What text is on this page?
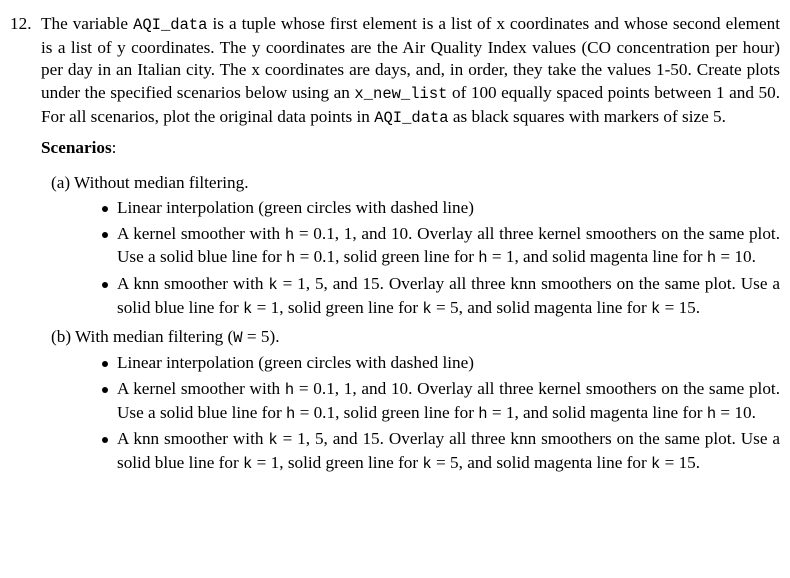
12. The variable AQI_data is a tuple whose first element is a list of x coordinates and whose second element is a list of y coordinates. The y coordinates are the Air Quality Index values (CO concentration per hour) per day in an Italian city. The x coordinates are days, and, in order, they take the values 1-50. Create plots under the specified scenarios below using an x_new_list of 100 equally spaced points between 1 and 50. For all scenarios, plot the original data points in AQI_data as black squares with markers of size 5.
Scenarios:
(a) Without median filtering.
Linear interpolation (green circles with dashed line)
A kernel smoother with h = 0.1, 1, and 10. Overlay all three kernel smoothers on the same plot. Use a solid blue line for h = 0.1, solid green line for h = 1, and solid magenta line for h = 10.
A knn smoother with k = 1, 5, and 15. Overlay all three knn smoothers on the same plot. Use a solid blue line for k = 1, solid green line for k = 5, and solid magenta line for k = 15.
(b) With median filtering (W = 5).
Linear interpolation (green circles with dashed line)
A kernel smoother with h = 0.1, 1, and 10. Overlay all three kernel smoothers on the same plot. Use a solid blue line for h = 0.1, solid green line for h = 1, and solid magenta line for h = 10.
A knn smoother with k = 1, 5, and 15. Overlay all three knn smoothers on the same plot. Use a solid blue line for k = 1, solid green line for k = 5, and solid magenta line for k = 15.
